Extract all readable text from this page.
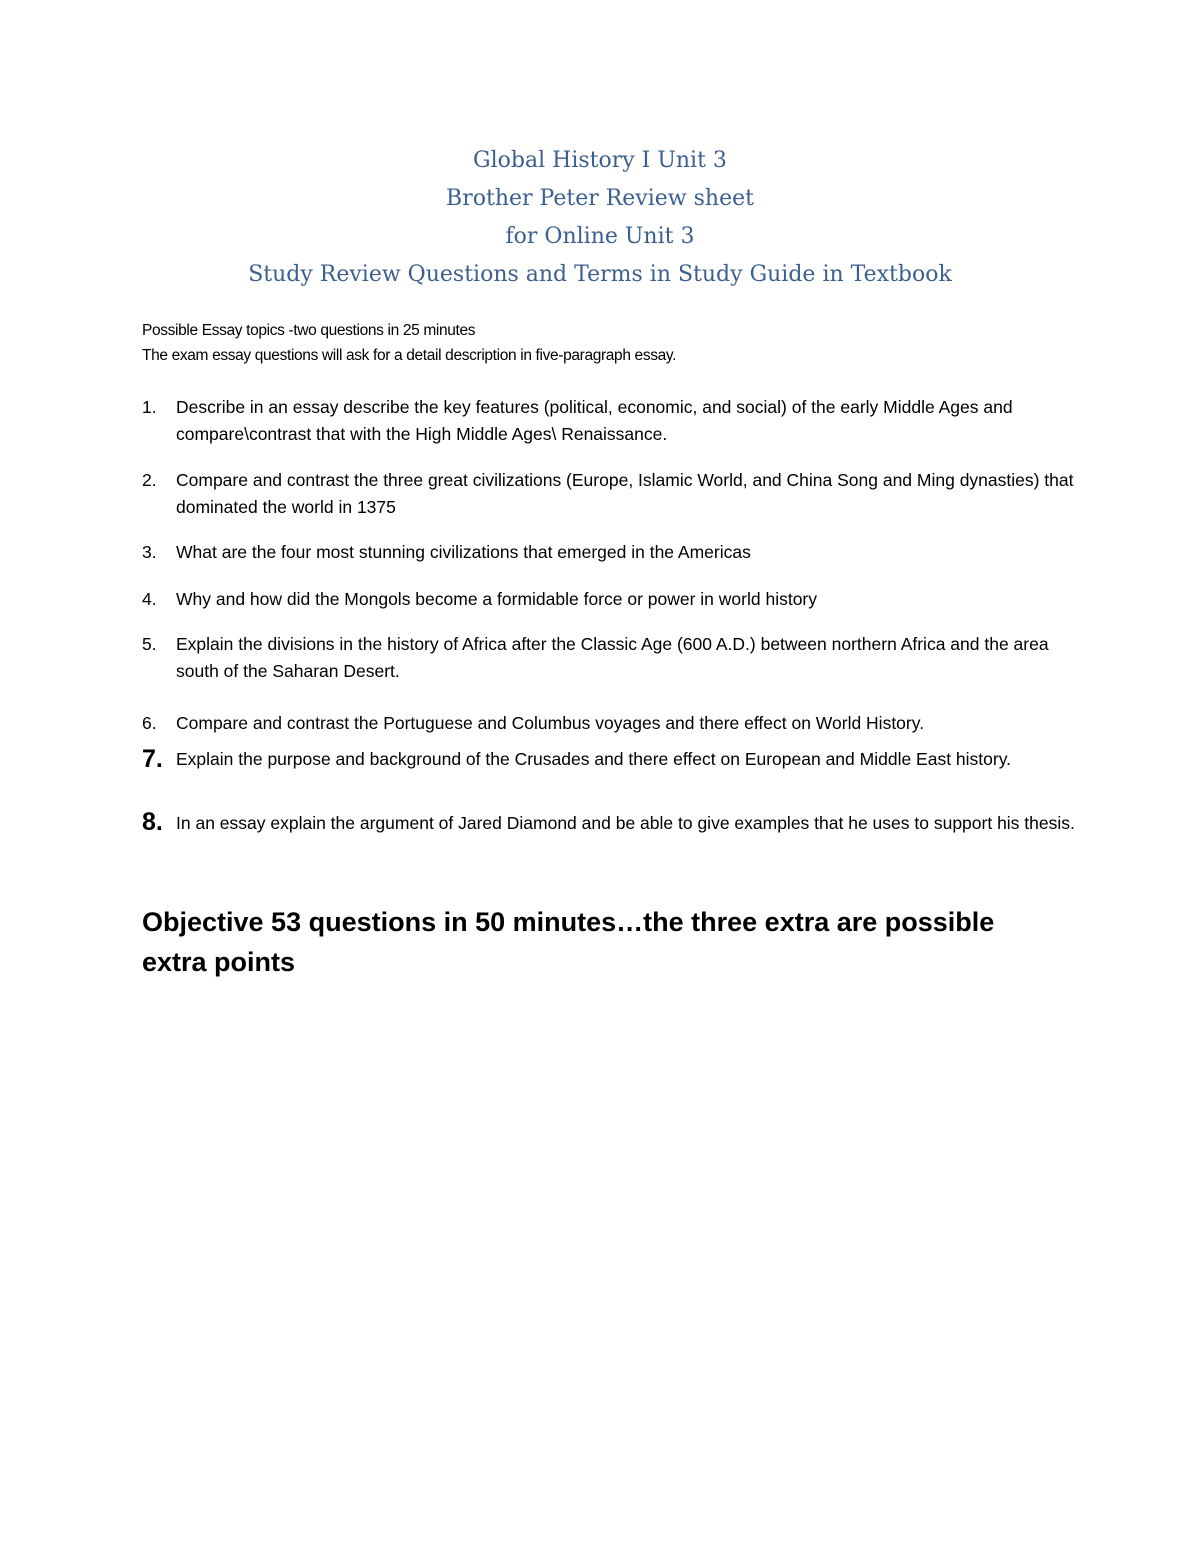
Global History I Unit 3
Brother Peter Review sheet
for Online Unit 3
Study Review Questions and Terms in Study Guide in Textbook
Possible Essay topics -two questions in 25 minutes
The exam essay questions will ask for a detail description in five-paragraph essay.
1.	Describe in an essay describe the key features (political, economic, and social) of the early Middle Ages and compare\contrast that with the High Middle Ages\ Renaissance.
2.	Compare and contrast the three great civilizations (Europe, Islamic World, and China Song and Ming dynasties) that dominated the world in 1375
3.	What are the four most stunning civilizations that emerged in the Americas
4.	Why and how did the Mongols become a formidable force or power in world history
5.	Explain the divisions in the history of Africa after the Classic Age (600 A.D.) between northern Africa and the area south of the Saharan Desert.
6.	Compare and contrast the Portuguese and Columbus voyages and there effect on World History.
7. Explain the purpose and background of the Crusades and there effect on European and Middle East history.
8. In an essay explain the argument of Jared Diamond and be able to give examples that he uses to support his thesis.
Objective 53 questions in 50 minutes…the three extra are possible extra points
